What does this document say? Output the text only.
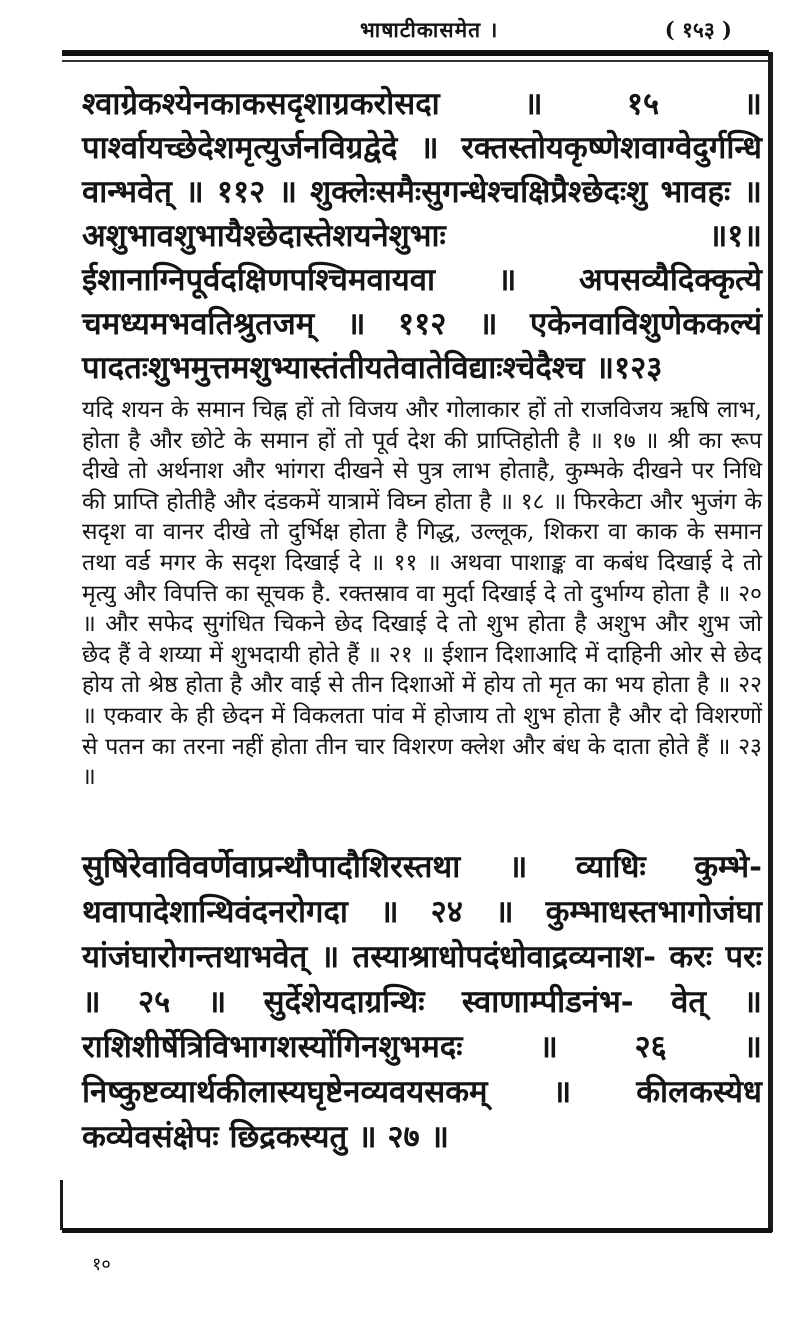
भाषाटीकासमेत ।	( १५३ )
श्वाग्रेकश्येनकाकसदृशाग्रकरोसदा ॥ १५ ॥ पार्श्वायच्छेदेशमृत्युर्जनविग्रद्वेदे ॥ रक्तस्तोयकृष्णेशवाग्वेदुर्गन्धि वान्भवेत् ॥ ११२ ॥ शुक्लेःसमैःसुगन्धेश्चक्षिप्रैश्छेदःशु भावहः ॥ अशुभावशुभायैश्छेदास्तेशयनेशुभाः ॥१॥ ईशानाग्निपूर्वदक्षिणपश्चिमवायवा ॥ अपसव्यैदिक्कृत्ये चमध्यमभवतिश्रुतजम् ॥ ११२ ॥ एकेनवाविशुणेककल्यं पादतःशुभमुत्तमशुभ्यास्तंतीयतेवातेविद्याःश्चेदैश्च ॥१२३
यदि शयन के समान चिह्न हों तो विजय और गोलाकार हों तो राजविजय ऋषि लाभ, होता है और छोटे के समान हों तो पूर्व देश की प्राप्तिहोती है ॥ १७ ॥ श्री का रूप दीखे तो अर्थनाश और भांगरा दीखने से पुत्र लाभ होताहै, कुम्भके दीखने पर निधि की प्राप्ति होतीहै और दंडकमें यात्रामें विघ्न होता है ॥ १८ ॥ फिरकेटा और भुजंग के सदृश वा वानर दीखे तो दुर्भिक्ष होता है गिद्ध, उल्लूक, शिकरा वा काक के समान तथा वर्ड मगर के सदृश दिखाई दे ॥ ११ ॥ अथवा पाशाङ्क वा कबंध दिखाई दे तो मृत्यु और विपत्ति का सूचक है. रक्तस्राव वा मुर्दा दिखाई दे तो दुर्भाग्य होता है ॥ २० ॥ और सफेद सुगंधित चिकने छेद दिखाई दे तो शुभ होता है अशुभ और शुभ जो छेद हैं वे शय्या में शुभदायी होते हैं ॥ २१ ॥ ईशान दिशाआदि में दाहिनी ओर से छेद होय तो श्रेष्ठ होता है और वाई से तीन दिशाओं में होय तो मृत का भय होता है ॥ २२ ॥ एकवार के ही छेदन में विकलता पांव में होजाय तो शुभ होता है और दो विशरणों से पतन का तरना नहीं होता तीन चार विशरण क्लेश और बंध के दाता होते हैं ॥ २३ ॥
सुषिरेवाविवर्णेवाप्रन्थौपादौशिरस्तथा ॥ व्याधिः कुम्भे- थवापादेशान्थिवंदनरोगदा ॥ २४ ॥ कुम्भाधस्तभागोजंघा यांजंघारोगन्तथाभवेत् ॥ तस्याश्राधोपदंधोवाद्रव्यनाश- करः परः ॥ २५ ॥ सुर्देशेयदाग्रन्थिः स्वाणाम्पीडनंभ- वेत् ॥ राशिशीर्षेत्रिविभागशस्योंगिनशुभमदः ॥ २६ ॥ निष्कुष्टव्यार्थकीलास्यघृष्टेनव्यवयसकम् ॥ कीलकस्येध कव्येवसंक्षेपः छिद्रकस्यतु ॥ २७ ॥
१०
